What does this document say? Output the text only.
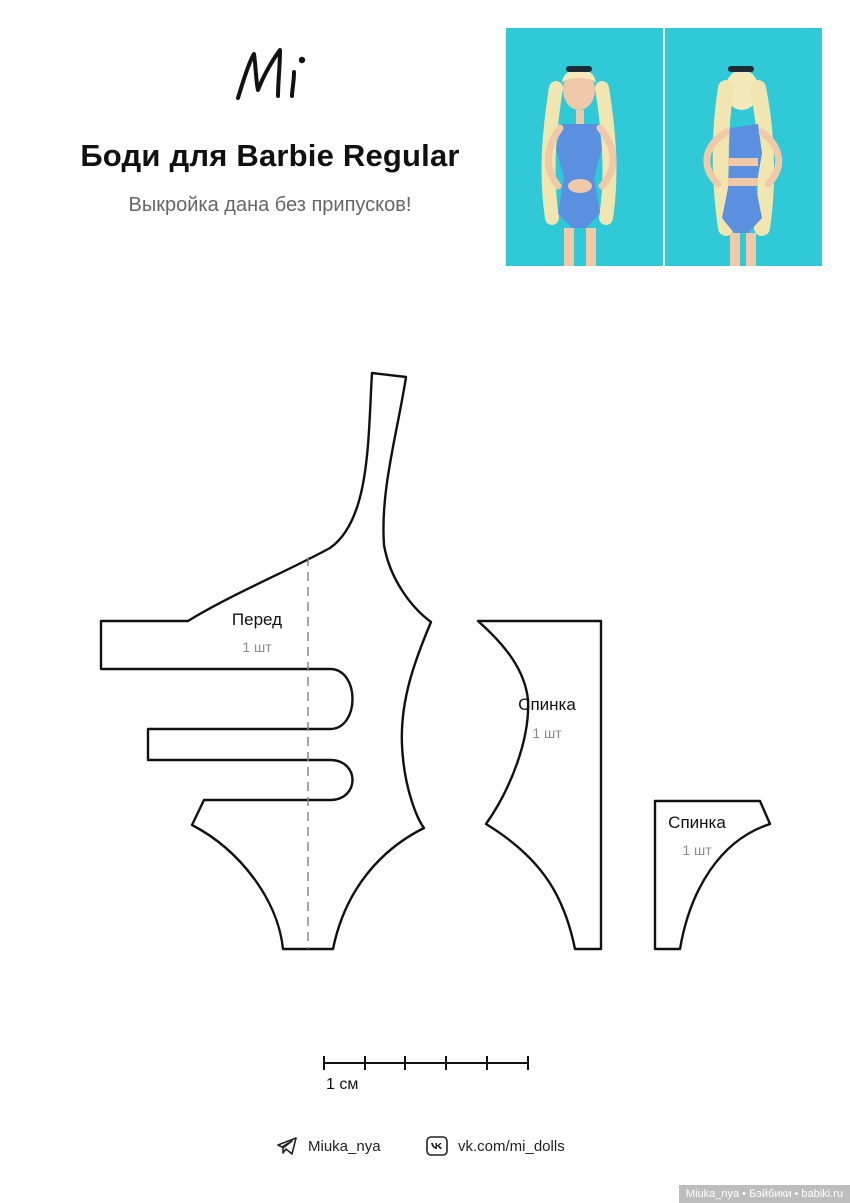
Боди для Barbie Regular
Выкройка дана без припусков!
Перед
1 шт
Спинка
1 шт
Спинка
1 шт
1 см
Miuka_nya	vk.com/mi_dolls
Miuka_nya • Бэйбики • babiki.ru
